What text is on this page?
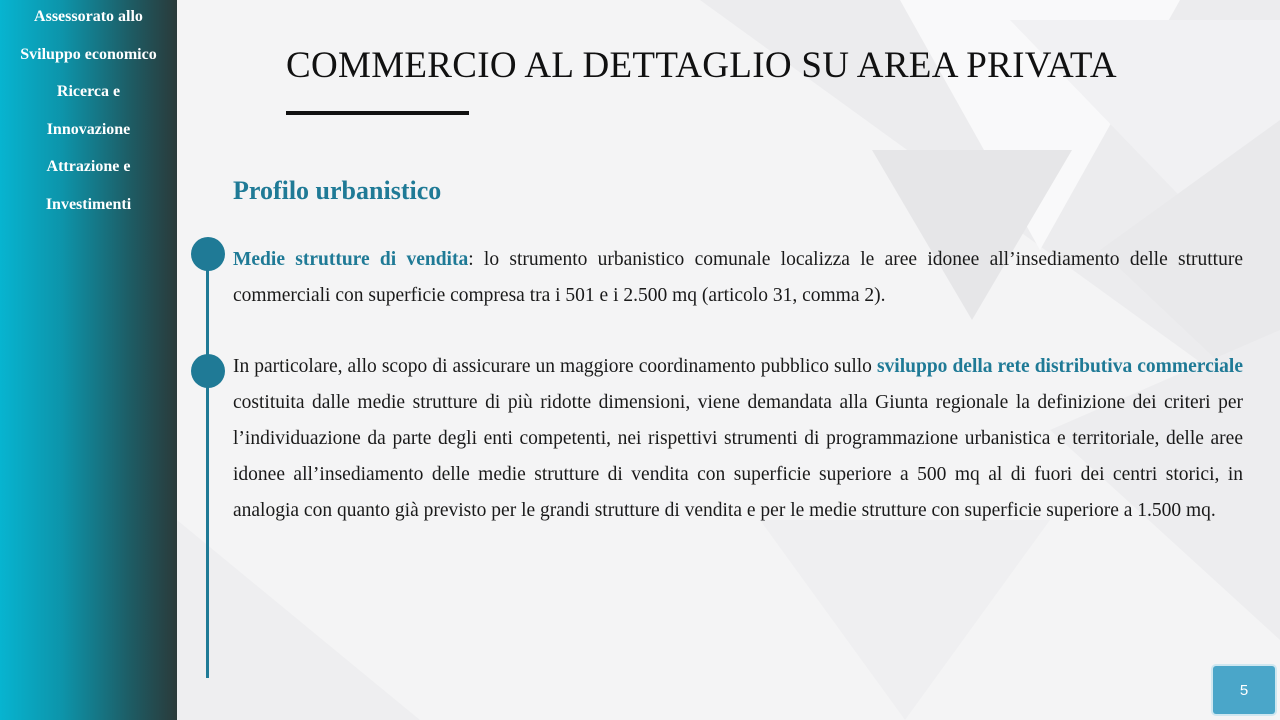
Assessorato allo
Sviluppo economico
Ricerca e
Innovazione
Attrazione e
Investimenti
COMMERCIO AL DETTAGLIO SU AREA PRIVATA
Profilo urbanistico
Medie strutture di vendita: lo strumento urbanistico comunale localizza le aree idonee all’insediamento delle strutture commerciali con superficie compresa tra i 501 e i 2.500 mq (articolo 31, comma 2).
In particolare, allo scopo di assicurare un maggiore coordinamento pubblico sullo sviluppo della rete distributiva commerciale costituita dalle medie strutture di più ridotte dimensioni, viene demandata alla Giunta regionale la definizione dei criteri per l’individuazione da parte degli enti competenti, nei rispettivi strumenti di programmazione urbanistica e territoriale, delle aree idonee all’insediamento delle medie strutture di vendita con superficie superiore a 500 mq al di fuori dei centri storici, in analogia con quanto già previsto per le grandi strutture di vendita e per le medie strutture con superficie superiore a 1.500 mq.
5
